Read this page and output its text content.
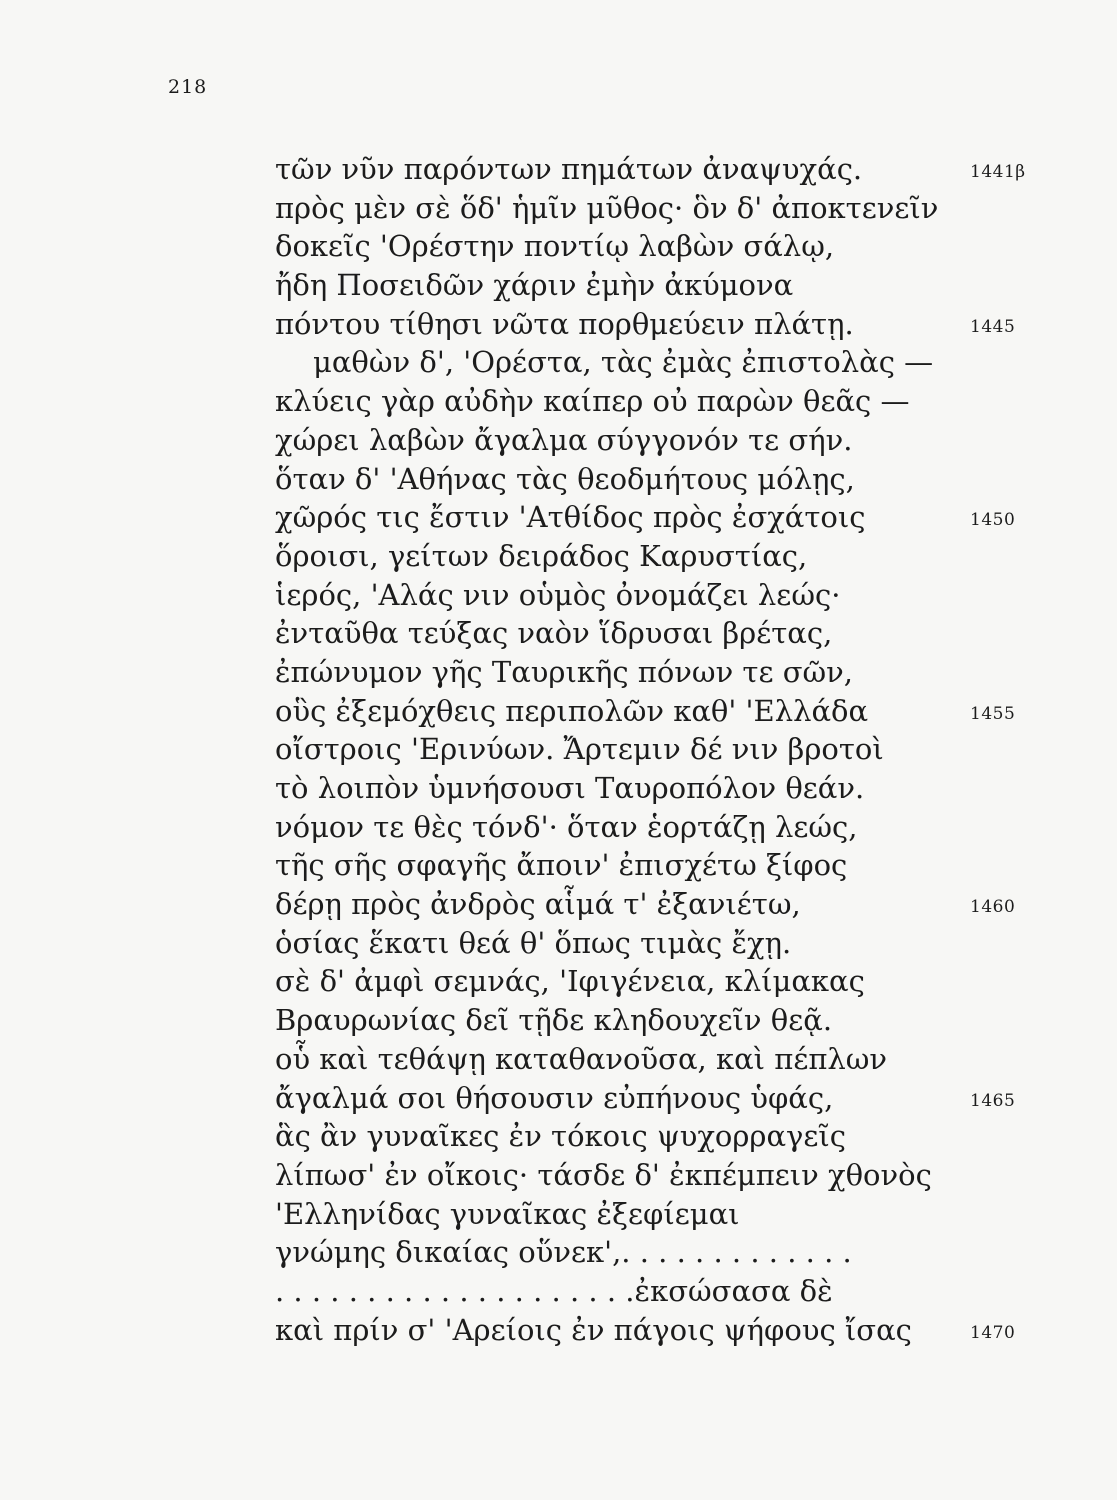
218
τῶν νῦν παρόντων πημάτων ἀναψυχάς.	1441β
πρὸς μὲν σὲ ὅδ' ἡμῖν μῦθος· ὃν δ' ἀποκτενεῖν
δοκεῖς 'Ορέστην ποντίῳ λαβὼν σάλῳ,
ἤδη Ποσειδῶν χάριν ἐμὴν ἀκύμονα
πόντου τίθησι νῶτα πορθμεύειν πλάτῃ.	1445
μαθὼν δ', 'Ορέστα, τὰς ἐμὰς ἐπιστολὰς —
κλύεις γὰρ αὐδὴν καίπερ οὐ παρὼν θεᾶς —
χώρει λαβὼν ἄγαλμα σύγγονόν τε σήν.
ὅταν δ' 'Αθήνας τὰς θεοδμήτους μόλῃς,
χῶρός τις ἔστιν 'Ατθίδος πρὸς ἐσχάτοις	1450
ὅροισι, γείτων δειράδος Καρυστίας,
ἱερός, 'Αλάς νιν οὑμὸς ὀνομάζει λεώς·
ἐνταῦθα τεύξας ναὸν ἵδρυσαι βρέτας,
ἐπώνυμον γῆς Ταυρικῆς πόνων τε σῶν,
οὓς ἐξεμόχθεις περιπολῶν καθ' 'Ελλάδα	1455
οἴστροις 'Ερινύων. Ἄρτεμιν δέ νιν βροτοὶ
τὸ λοιπὸν ὑμνήσουσι Ταυροπόλον θεάν.
νόμον τε θὲς τόνδ'· ὅταν ἑορτάζῃ λεώς,
τῆς σῆς σφαγῆς ἄποιν' ἐπισχέτω ξίφος
δέρῃ πρὸς ἀνδρὸς αἷμά τ' ἐξανιέτω,	1460
ὁσίας ἕκατι θεά θ' ὅπως τιμὰς ἔχῃ.
σὲ δ' ἀμφὶ σεμνάς, 'Ιφιγένεια, κλίμακας
Βραυρωνίας δεῖ τῇδε κληδουχεῖν θεᾷ.
οὗ καὶ τεθάψῃ καταθανοῦσα, καὶ πέπλων
ἄγαλμά σοι θήσουσιν εὐπήνους ὑφάς,	1465
ἃς ἂν γυναῖκες ἐν τόκοις ψυχορραγεῖς
λίπωσ' ἐν οἴκοις· τάσδε δ' ἐκπέμπειν χθονὸς
'Ελληνίδας γυναῖκας ἐξεφίεμαι
γνώμης δικαίας οὕνεκ',. . . . . . . . . . . . .
. . . . . . . . . . . . . . . . . . . .ἐκσώσασα δὲ
καὶ πρίν σ' 'Αρείοις ἐν πάγοις ψήφους ἴσας	1470
